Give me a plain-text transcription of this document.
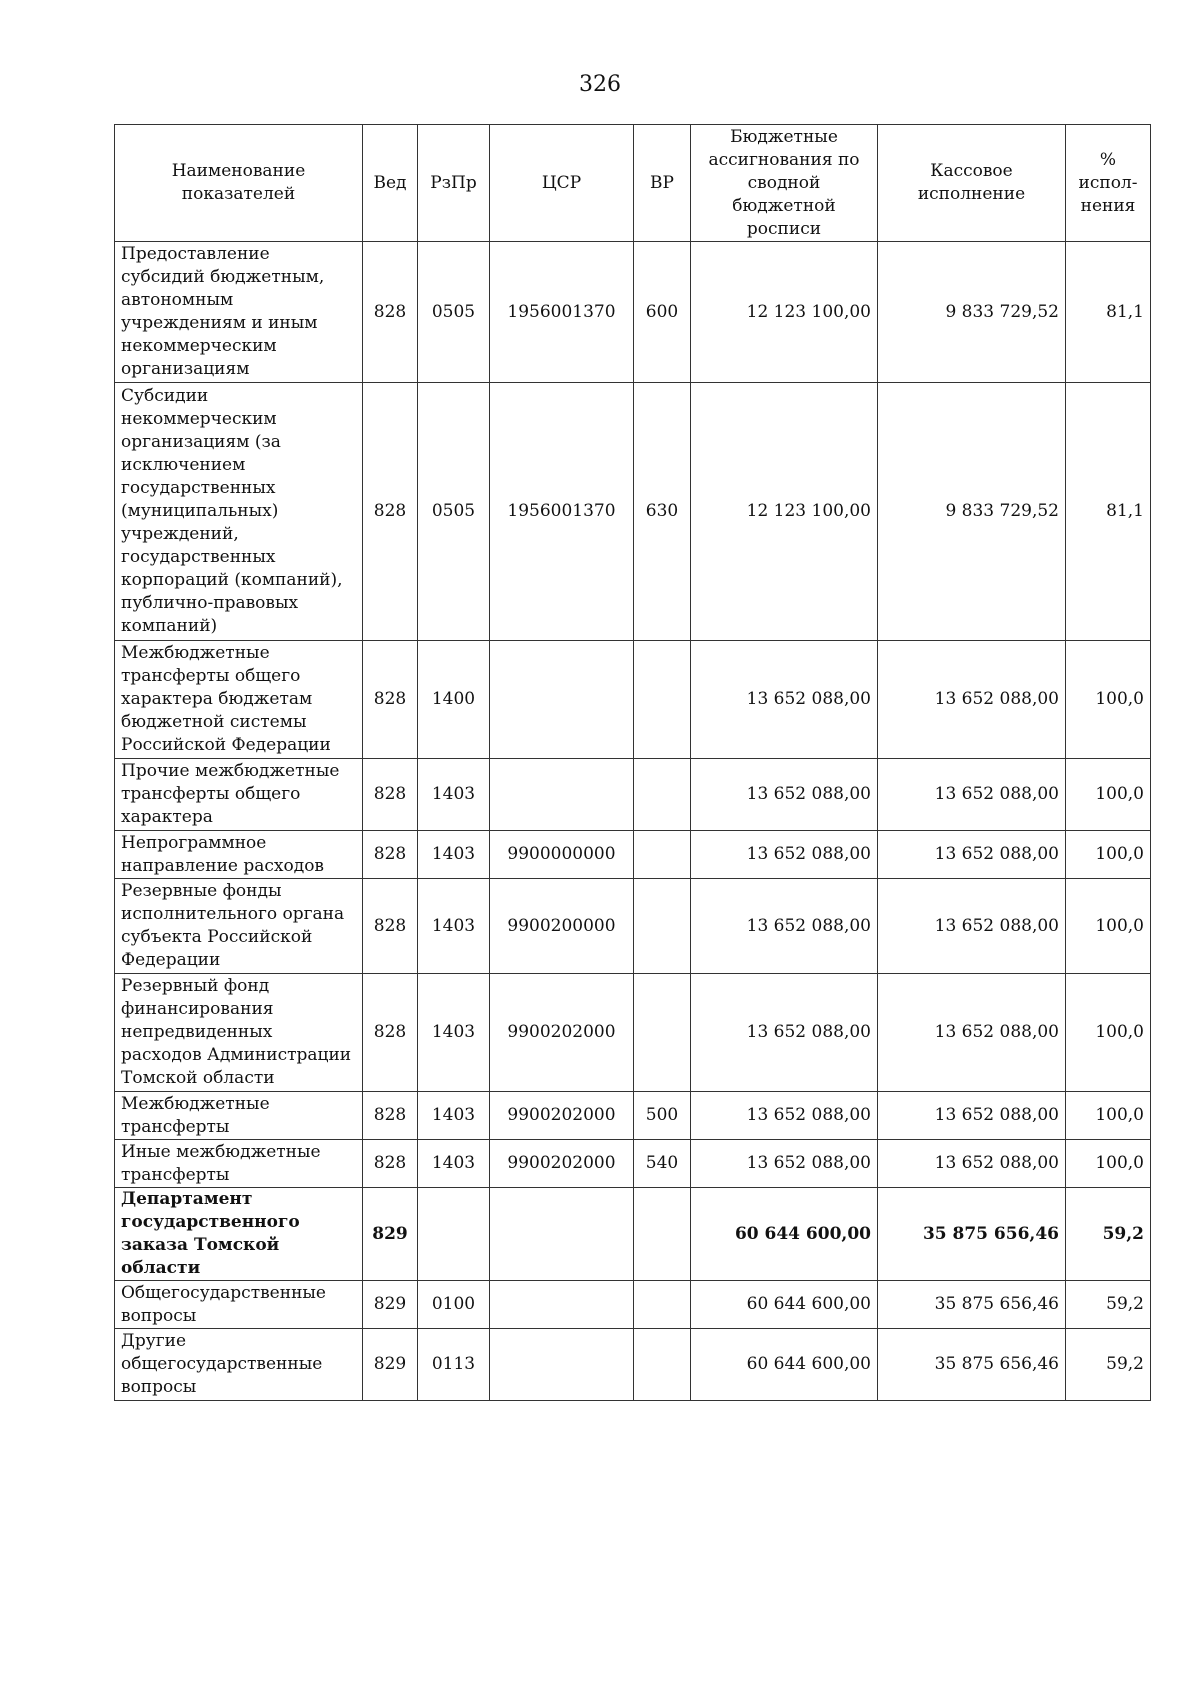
326
Наименование показателей	Вед	РзПр	ЦСР	ВР	Бюджетные ассигнования по сводной бюджетной росписи	Кассовое исполнение	% испол-нения
Предоставление субсидий бюджетным, автономным учреждениям и иным некоммерческим организациям	828	0505	1956001370	600	12 123 100,00	9 833 729,52	81,1
Субсидии некоммерческим организациям (за исключением государственных (муниципальных) учреждений, государственных корпораций (компаний), публично-правовых компаний)	828	0505	1956001370	630	12 123 100,00	9 833 729,52	81,1
Межбюджетные трансферты общего характера бюджетам бюджетной системы Российской Федерации	828	1400			13 652 088,00	13 652 088,00	100,0
Прочие межбюджетные трансферты общего характера	828	1403			13 652 088,00	13 652 088,00	100,0
Непрограммное направление расходов	828	1403	9900000000		13 652 088,00	13 652 088,00	100,0
Резервные фонды исполнительного органа субъекта Российской Федерации	828	1403	9900200000		13 652 088,00	13 652 088,00	100,0
Резервный фонд финансирования непредвиденных расходов Администрации Томской области	828	1403	9900202000		13 652 088,00	13 652 088,00	100,0
Межбюджетные трансферты	828	1403	9900202000	500	13 652 088,00	13 652 088,00	100,0
Иные межбюджетные трансферты	828	1403	9900202000	540	13 652 088,00	13 652 088,00	100,0
Департамент государственного заказа Томской области	829				60 644 600,00	35 875 656,46	59,2
Общегосударственные вопросы	829	0100			60 644 600,00	35 875 656,46	59,2
Другие общегосударственные вопросы	829	0113			60 644 600,00	35 875 656,46	59,2
